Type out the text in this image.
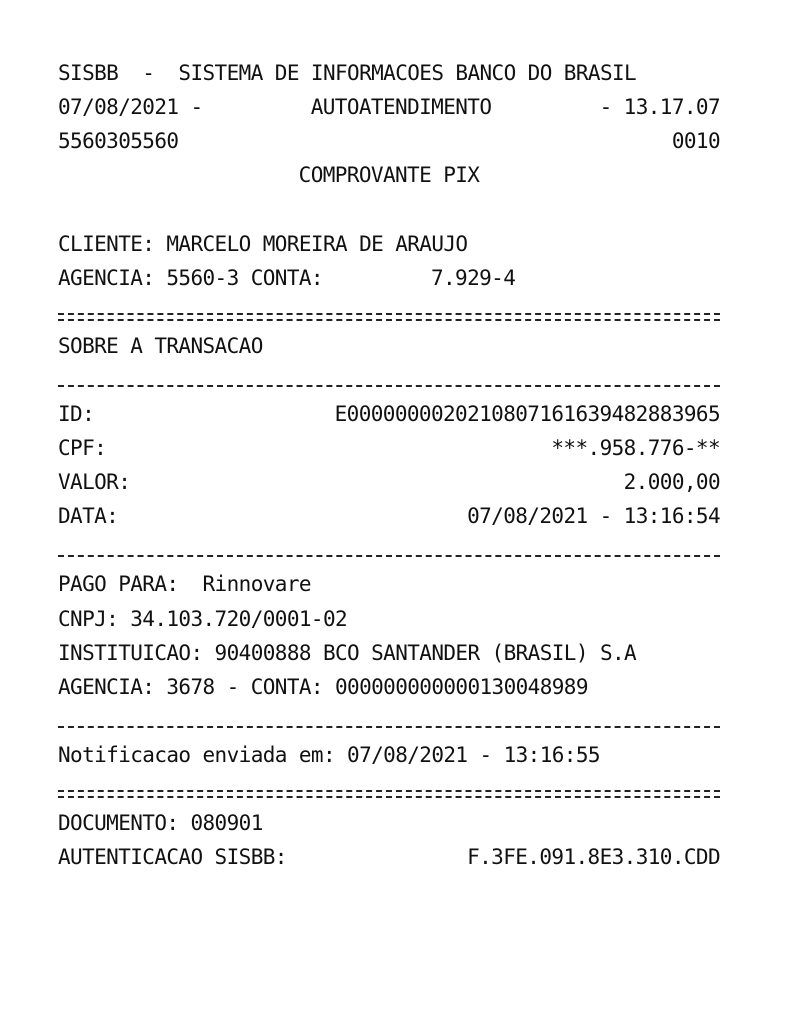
SISBB  -  SISTEMA DE INFORMACOES BANCO DO BRASIL
07/08/2021 -	AUTOATENDIMENTO	- 13.17.07
5560305560	0010
COMPROVANTE PIX
CLIENTE: MARCELO MOREIRA DE ARAUJO
AGENCIA: 5560-3 CONTA:	7.929-4
SOBRE A TRANSACAO
ID:	E0000000020210807161639482883965
CPF:	***.958.776-**
VALOR:	2.000,00
DATA:	07/08/2021 - 13:16:54
PAGO PARA:  Rinnovare
CNPJ: 34.103.720/0001-02
INSTITUICAO: 90400888 BCO SANTANDER (BRASIL) S.A
AGENCIA: 3678 - CONTA: 000000000000130048989
Notificacao enviada em: 07/08/2021 - 13:16:55
DOCUMENTO: 080901
AUTENTICACAO SISBB:	F.3FE.091.8E3.310.CDD
